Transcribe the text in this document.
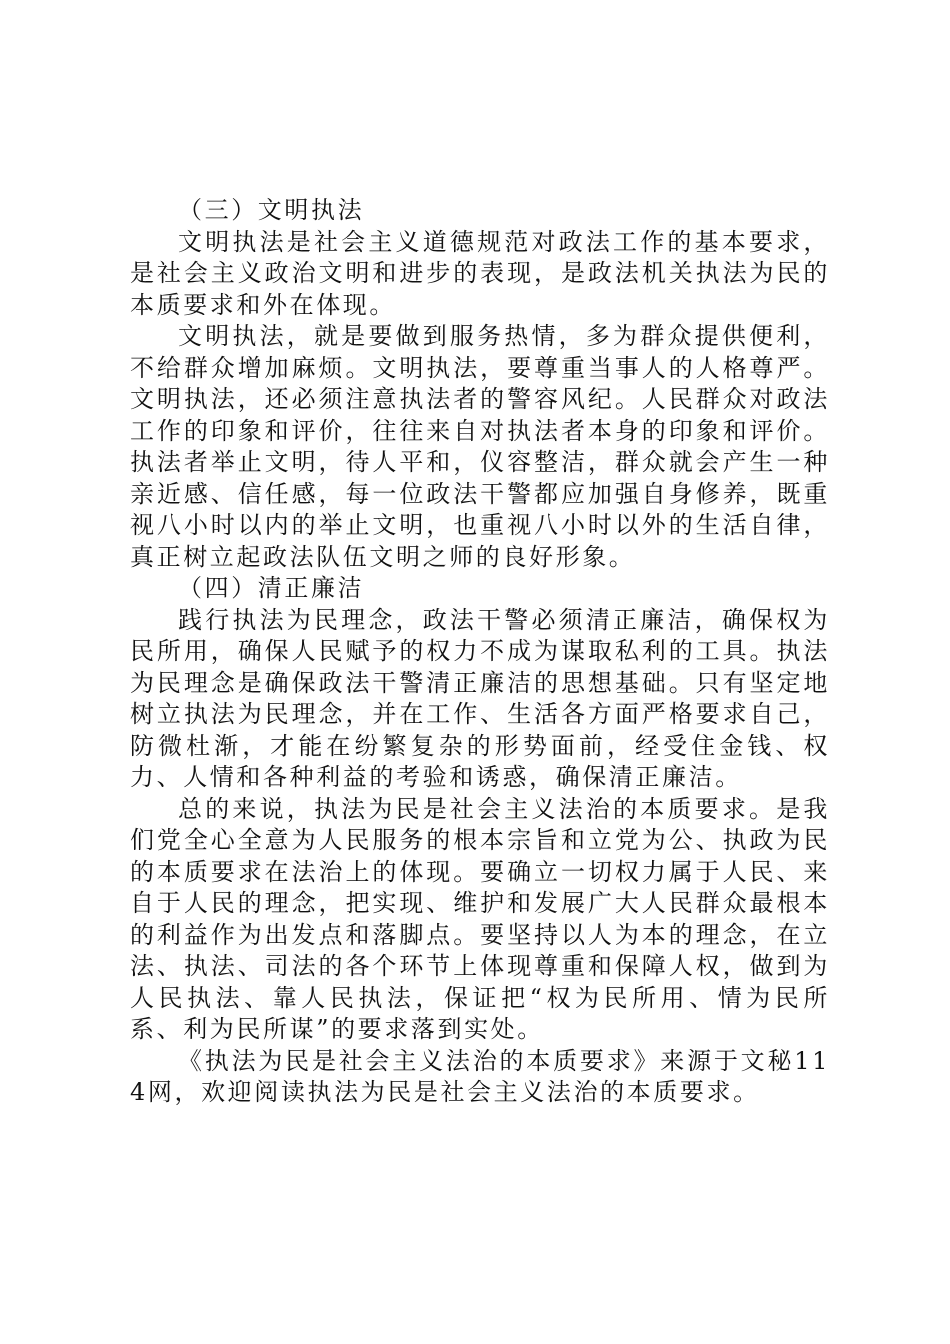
（三）文明执法

文明执法是社会主义道德规范对政法工作的基本要求，是社会主义政治文明和进步的表现，是政法机关执法为民的本质要求和外在体现。

文明执法，就是要做到服务热情，多为群众提供便利，不给群众增加麻烦。文明执法，要尊重当事人的人格尊严。文明执法，还必须注意执法者的警容风纪。人民群众对政法工作的印象和评价，往往来自对执法者本身的印象和评价。执法者举止文明，待人平和，仪容整洁，群众就会产生一种亲近感、信任感，每一位政法干警都应加强自身修养，既重视八小时以内的举止文明，也重视八小时以外的生活自律，真正树立起政法队伍文明之师的良好形象。

（四）清正廉洁

践行执法为民理念，政法干警必须清正廉洁，确保权为民所用，确保人民赋予的权力不成为谋取私利的工具。执法为民理念是确保政法干警清正廉洁的思想基础。只有坚定地树立执法为民理念，并在工作、生活各方面严格要求自己，防微杜渐，才能在纷繁复杂的形势面前，经受住金钱、权力、人情和各种利益的考验和诱惑，确保清正廉洁。

总的来说，执法为民是社会主义法治的本质要求。是我们党全心全意为人民服务的根本宗旨和立党为公、执政为民的本质要求在法治上的体现。要确立一切权力属于人民、来自于人民的理念，把实现、维护和发展广大人民群众最根本的利益作为出发点和落脚点。要坚持以人为本的理念，在立法、执法、司法的各个环节上体现尊重和保障人权，做到为人民执法、靠人民执法，保证把“权为民所用、情为民所系、利为民所谋”的要求落到实处。

《执法为民是社会主义法治的本质要求》来源于文秘114网，欢迎阅读执法为民是社会主义法治的本质要求。
